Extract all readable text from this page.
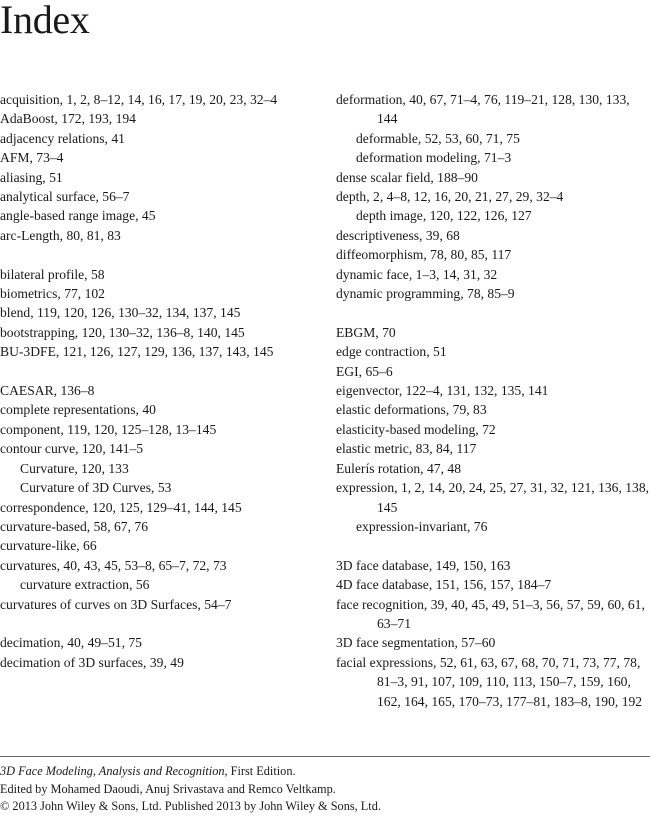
Index
acquisition, 1, 2, 8–12, 14, 16, 17, 19, 20, 23, 32–4
AdaBoost, 172, 193, 194
adjacency relations, 41
AFM, 73–4
aliasing, 51
analytical surface, 56–7
angle-based range image, 45
arc-Length, 80, 81, 83
bilateral profile, 58
biometrics, 77, 102
blend, 119, 120, 126, 130–32, 134, 137, 145
bootstrapping, 120, 130–32, 136–8, 140, 145
BU-3DFE, 121, 126, 127, 129, 136, 137, 143, 145
CAESAR, 136–8
complete representations, 40
component, 119, 120, 125–128, 13–145
contour curve, 120, 141–5
Curvature, 120, 133
Curvature of 3D Curves, 53
correspondence, 120, 125, 129–41, 144, 145
curvature-based, 58, 67, 76
curvature-like, 66
curvatures, 40, 43, 45, 53–8, 65–7, 72, 73
curvature extraction, 56
curvatures of curves on 3D Surfaces, 54–7
decimation, 40, 49–51, 75
decimation of 3D surfaces, 39, 49
deformation, 40, 67, 71–4, 76, 119–21, 128, 130, 133, 144
deformable, 52, 53, 60, 71, 75
deformation modeling, 71–3
dense scalar field, 188–90
depth, 2, 4–8, 12, 16, 20, 21, 27, 29, 32–4
depth image, 120, 122, 126, 127
descriptiveness, 39, 68
diffeomorphism, 78, 80, 85, 117
dynamic face, 1–3, 14, 31, 32
dynamic programming, 78, 85–9
EBGM, 70
edge contraction, 51
EGI, 65–6
eigenvector, 122–4, 131, 132, 135, 141
elastic deformations, 79, 83
elasticity-based modeling, 72
elastic metric, 83, 84, 117
Eulerís rotation, 47, 48
expression, 1, 2, 14, 20, 24, 25, 27, 31, 32, 121, 136, 138, 145
expression-invariant, 76
3D face database, 149, 150, 163
4D face database, 151, 156, 157, 184–7
face recognition, 39, 40, 45, 49, 51–3, 56, 57, 59, 60, 61, 63–71
3D face segmentation, 57–60
facial expressions, 52, 61, 63, 67, 68, 70, 71, 73, 77, 78, 81–3, 91, 107, 109, 110, 113, 150–7, 159, 160, 162, 164, 165, 170–73, 177–81, 183–8, 190, 192
3D Face Modeling, Analysis and Recognition, First Edition.
Edited by Mohamed Daoudi, Anuj Srivastava and Remco Veltkamp.
© 2013 John Wiley & Sons, Ltd. Published 2013 by John Wiley & Sons, Ltd.
